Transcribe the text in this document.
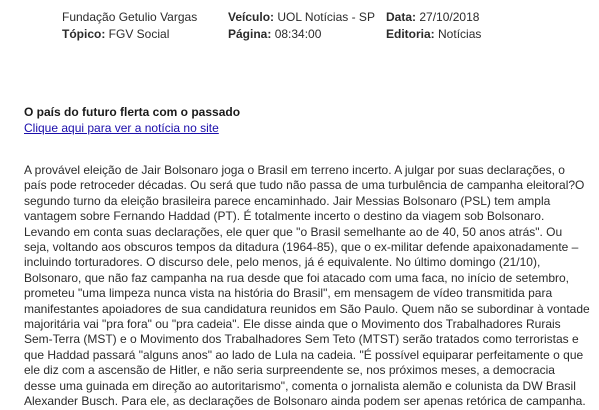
Fundação Getulio Vargas
Tópico: FGV Social
Veículo: UOL Notícias - SP
Página: 08:34:00
Data: 27/10/2018
Editoria: Notícias
O país do futuro flerta com o passado
Clique aqui para ver a notícia no site
A provável eleição de Jair Bolsonaro joga o Brasil em terreno incerto. A julgar por suas declarações, o
país pode retroceder décadas. Ou será que tudo não passa de uma turbulência de campanha eleitoral?O
segundo turno da eleição brasileira parece encaminhado. Jair Messias Bolsonaro (PSL) tem ampla
vantagem sobre Fernando Haddad (PT). É totalmente incerto o destino da viagem sob Bolsonaro.
Levando em conta suas declarações, ele quer que "o Brasil semelhante ao de 40, 50 anos atrás". Ou
seja, voltando aos obscuros tempos da ditadura (1964-85), que o ex-militar defende apaixonadamente –
incluindo torturadores. O discurso dele, pelo menos, já é equivalente. No último domingo (21/10),
Bolsonaro, que não faz campanha na rua desde que foi atacado com uma faca, no início de setembro,
prometeu "uma limpeza nunca vista na história do Brasil", em mensagem de vídeo transmitida para
manifestantes apoiadores de sua candidatura reunidos em São Paulo. Quem não se subordinar à vontade
majoritária vai "pra fora" ou "pra cadeia". Ele disse ainda que o Movimento dos Trabalhadores Rurais
Sem-Terra (MST) e o Movimento dos Trabalhadores Sem Teto (MTST) serão tratados como terroristas e
que Haddad passará "alguns anos" ao lado de Lula na cadeia. "É possível equiparar perfeitamente o que
ele diz com a ascensão de Hitler, e não seria surpreendente se, nos próximos meses, a democracia
desse uma guinada em direção ao autoritarismo", comenta o jornalista alemão e colunista da DW Brasil
Alexander Busch. Para ele, as declarações de Bolsonaro ainda podem ser apenas retórica de campanha.
